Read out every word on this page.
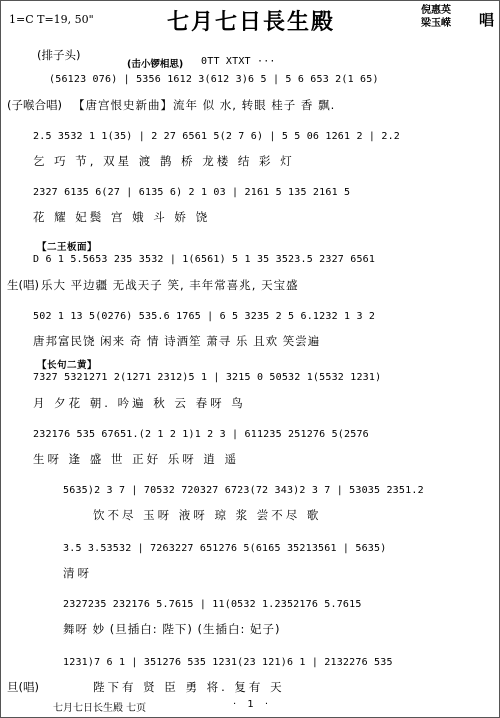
1=C T=19, 50"	七月七日長生殿	倪惠英
梁玉嵘 唱
(排子头)
(击小锣相思) 0TT XTXT ···
(56123 076) | 5356 1612 3(612 3)6 5 | 5 6 653 2(1 65)
(子喉合唱) 【唐宫恨史新曲】流年 似 水, 转眼 桂子 香 飘.
2.5 3532 1 1(35) | 2 27 6561 5(2 7 6) | 5 5 06 1261 2 | 2.2
乞 巧 节, 双星 渡 鹊 桥 龙楼 结 彩 灯
2327 6135 6(27 | 6135 6) 2 1 03 | 2161 5 135 2161 5
花 耀 妃鬓 宫 娥 斗 娇 饶
【二王板面】
D 6 1 5.5653 235 3532 | 1(6561) 5 1 35 3523.5 2327 6561
生(唱) 乐大 平边疆 无战天子 笑, 丰年常喜兆, 天宝盛
502 1 13 5(0276) 535.6 1765 | 6 5 3235 2 5 6.1232 1 3 2
唐邦富民饶 闲来 奇 情 诗酒笙 萧寻 乐 且欢 笑尝遍
【长句二黄】
7327 5321271 2(1271 2312)5 1 | 3215 0 50532 1(5532 1231)
月 夕花 朝. 吟遍 秋 云 春呀 鸟
232176 535 67651.(2 1 2 1)1 2 3 | 611235 251276 5(2576
生呀 逢 盛 世 正好 乐呀 逍 遥
5635)2 3 7 | 70532 720327 6723(72 343)2 3 7 | 53035 2351.2
饮不尽 玉呀 液呀 琼 浆 尝不尽 歌
3.5 3.53532 | 7263227 651276 5(6165 35213561 | 5635)
清呀
2327235 232176 5.7615 | 11(0532 1.2352176 5.7615
舞呀 妙 (旦插白: 陛下) (生插白: 妃子)
1231)7 6 1 | 351276 535 1231(23 121)6 1 | 2132276 535
旦(唱)	陛下有 贤 臣 勇 将. 复有 天
七月七日长生殿 七页	· 1 ·
